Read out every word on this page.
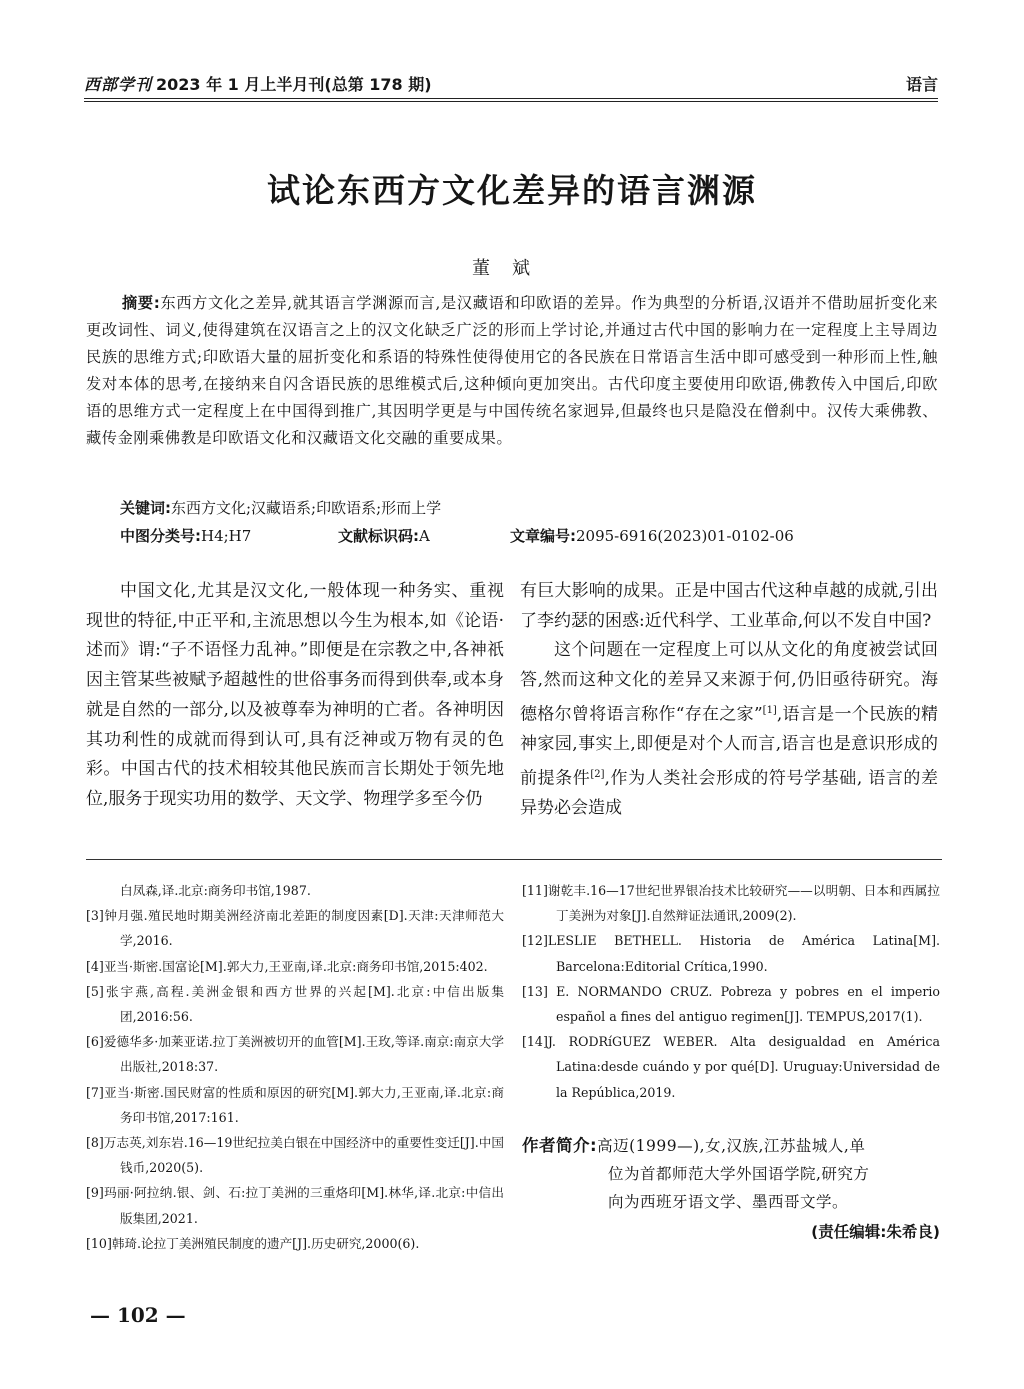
西部学刊 2023 年 1 月上半月刊(总第 178 期)	语言
试论东西方文化差异的语言渊源
董斌
摘要:东西方文化之差异,就其语言学渊源而言,是汉藏语和印欧语的差异。作为典型的分析语,汉语并不借助屈折变化来更改词性、词义,使得建筑在汉语言之上的汉文化缺乏广泛的形而上学讨论,并通过古代中国的影响力在一定程度上主导周边民族的思维方式;印欧语大量的屈折变化和系语的特殊性使得使用它的各民族在日常语言生活中即可感受到一种形而上性,触发对本体的思考,在接纳来自闪含语民族的思维模式后,这种倾向更加突出。古代印度主要使用印欧语,佛教传入中国后,印欧语的思维方式一定程度上在中国得到推广,其因明学更是与中国传统名家迥异,但最终也只是隐没在僧刹中。汉传大乘佛教、藏传金刚乘佛教是印欧语文化和汉藏语文化交融的重要成果。
关键词:东西方文化;汉藏语系;印欧语系;形而上学
中图分类号:H4;H7	文献标识码:A	文章编号:2095-6916(2023)01-0102-06

中国文化,尤其是汉文化,一般体现一种务实、重视现世的特征,中正平和,主流思想以今生为根本,如《论语·述而》谓:“子不语怪力乱神。”即便是在宗教之中,各神祇因主管某些被赋予超越性的世俗事务而得到供奉,或本身就是自然的一部分,以及被尊奉为神明的亡者。各神明因其功利性的成就而得到认可,具有泛神或万物有灵的色彩。中国古代的技术相较其他民族而言长期处于领先地位,服务于现实功用的数学、天文学、物理学多至今仍

有巨大影响的成果。正是中国古代这种卓越的成就,引出了李约瑟的困惑:近代科学、工业革命,何以不发自中国?

这个问题在一定程度上可以从文化的角度被尝试回答,然而这种文化的差异又来源于何,仍旧亟待研究。海德格尔曾将语言称作“存在之家”[1],语言是一个民族的精神家园,事实上,即便是对个人而言,语言也是意识形成的前提条件[2],作为人类社会形成的符号学基础, 语言的差异势必会造成

白凤森,译.北京:商务印书馆,1987.
[3]钟月强.殖民地时期美洲经济南北差距的制度因素[D].天津:天津师范大学,2016.
[4]亚当·斯密.国富论[M].郭大力,王亚南,译.北京:商务印书馆,2015:402.
[5]张宇燕,高程.美洲金银和西方世界的兴起[M].北京:中信出版集团,2016:56.
[6]爱德华多·加莱亚诺.拉丁美洲被切开的血管[M].王玫,等译.南京:南京大学出版社,2018:37.
[7]亚当·斯密.国民财富的性质和原因的研究[M].郭大力,王亚南,译.北京:商务印书馆,2017:161.
[8]万志英,刘东岩.16—19世纪拉美白银在中国经济中的重要性变迁[J].中国钱币,2020(5).
[9]玛丽·阿拉纳.银、剑、石:拉丁美洲的三重烙印[M].林华,译.北京:中信出版集团,2021.
[10]韩琦.论拉丁美洲殖民制度的遗产[J].历史研究,2000(6).
[11]谢乾丰.16—17世纪世界银冶技术比较研究——以明朝、日本和西属拉丁美洲为对象[J].自然辩证法通讯,2009(2).
[12]LESLIE BETHELL. Historia de América Latina[M]. Barcelona:Editorial Crítica,1990.
[13] E. NORMANDO CRUZ. Pobreza y pobres en el imperio español a fines del antiguo regimen[J]. TEMPUS,2017(1).
[14]J. RODRíGUEZ WEBER. Alta desigualdad en América Latina:desde cuándo y por qué[D]. Uruguay:Universidad de la República,2019.
作者简介:高迈(1999—),女,汉族,江苏盐城人,单
位为首都师范大学外国语学院,研究方
向为西班牙语文学、墨西哥文学。
(责任编辑:朱希良)
— 102 —
